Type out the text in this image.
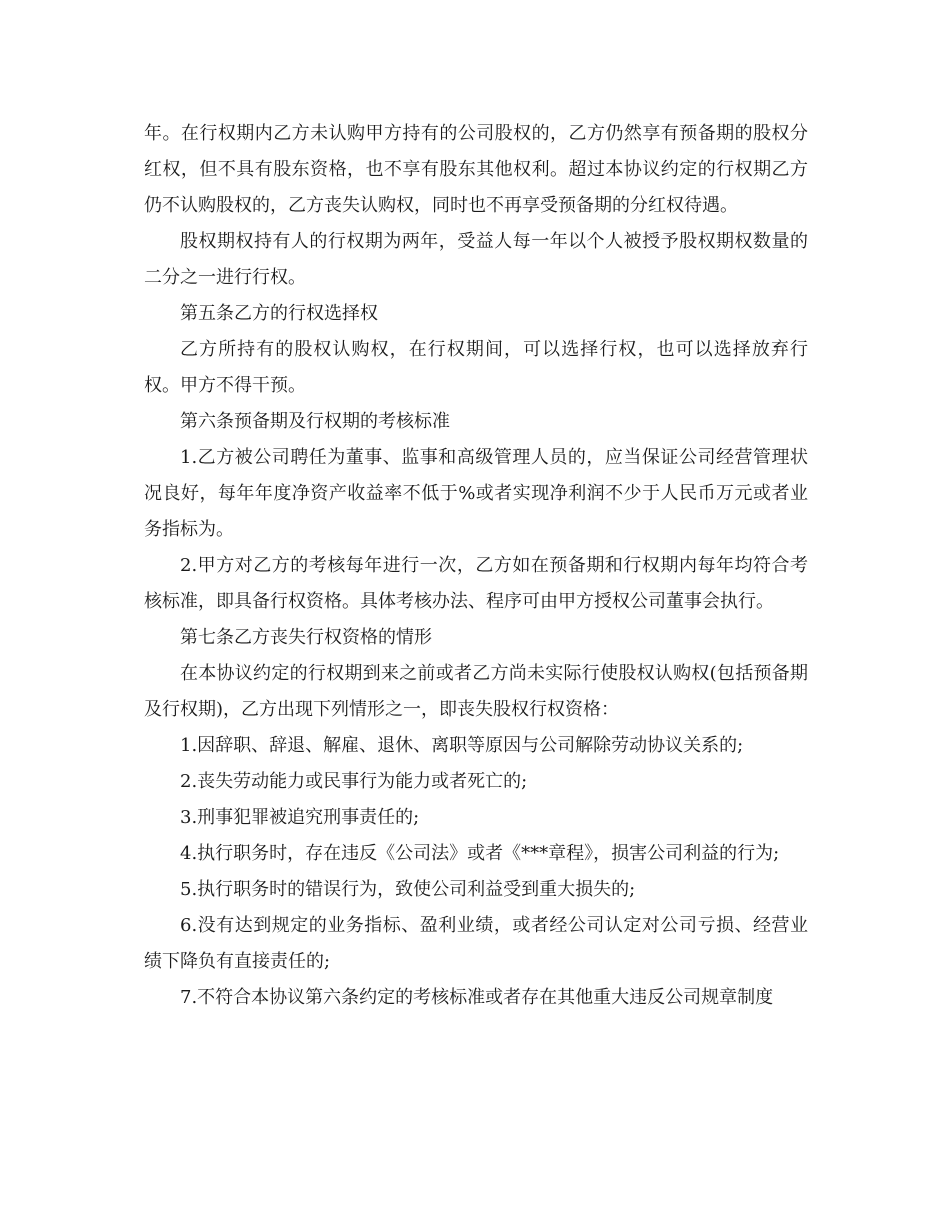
年。在行权期内乙方未认购甲方持有的公司股权的，乙方仍然享有预备期的股权分红权，但不具有股东资格，也不享有股东其他权利。超过本协议约定的行权期乙方仍不认购股权的，乙方丧失认购权，同时也不再享受预备期的分红权待遇。

股权期权持有人的行权期为两年，受益人每一年以个人被授予股权期权数量的二分之一进行行权。

第五条乙方的行权选择权

乙方所持有的股权认购权，在行权期间，可以选择行权，也可以选择放弃行权。甲方不得干预。

第六条预备期及行权期的考核标准

1.乙方被公司聘任为董事、监事和高级管理人员的，应当保证公司经营管理状况良好，每年年度净资产收益率不低于%或者实现净利润不少于人民币万元或者业务指标为。

2.甲方对乙方的考核每年进行一次，乙方如在预备期和行权期内每年均符合考核标准，即具备行权资格。具体考核办法、程序可由甲方授权公司董事会执行。

第七条乙方丧失行权资格的情形

在本协议约定的行权期到来之前或者乙方尚未实际行使股权认购权(包括预备期及行权期)，乙方出现下列情形之一，即丧失股权行权资格：

1.因辞职、辞退、解雇、退休、离职等原因与公司解除劳动协议关系的;

2.丧失劳动能力或民事行为能力或者死亡的;

3.刑事犯罪被追究刑事责任的;

4.执行职务时，存在违反《公司法》或者《***章程》，损害公司利益的行为;

5.执行职务时的错误行为，致使公司利益受到重大损失的;

6.没有达到规定的业务指标、盈利业绩，或者经公司认定对公司亏损、经营业绩下降负有直接责任的;

7.不符合本协议第六条约定的考核标准或者存在其他重大违反公司规章制度
